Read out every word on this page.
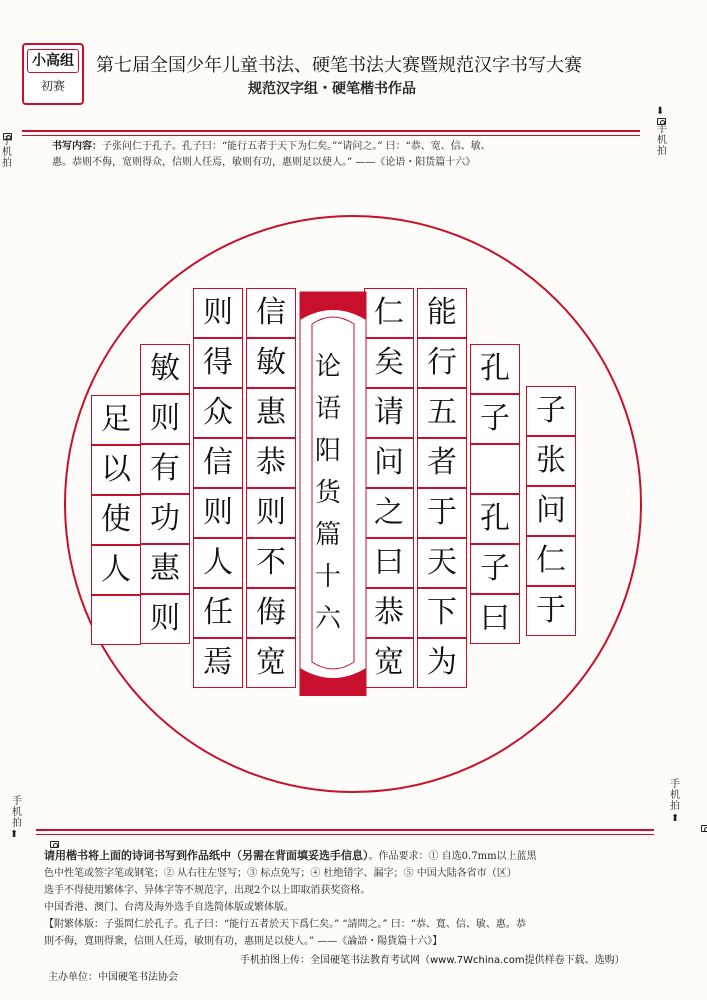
小高组
初赛
第七届全国少年儿童书法、硬笔书法大赛暨规范汉字书写大赛
规范汉字组・硬笔楷书作品

⬇
手机拍
手机拍
书写内容：子张问仁于孔子。孔子曰：“能行五者于天下为仁矣。”“请问之。” 曰：“恭、宽、信、敏、
惠。恭则不侮，宽则得众，信则人任焉，敏则有功，惠则足以使人。” ——《论语・阳货篇十六》
子
张
问
仁
于
孔
子
孔
子
曰
能
行
五
者
于
天
下
为
仁
矣
请
问
之
曰
恭
宽
信
敏
惠
恭
则
不
侮
宽
则
得
众
信
则
人
任
焉
敏
则
有
功
惠
则
足
以
使
人
论
语
阳
货
篇
十
六
手机拍

⬆
手机拍
⬆
请用楷书将上面的诗词书写到作品纸中（另需在背面填妥选手信息）。作品要求：① 自选0.7mm以上蓝黑
色中性笔或签字笔或钢笔；② 从右往左竖写；③ 标点免写；④ 杜绝错字、漏字；⑤ 中国大陆各省市（区）
选手不得使用繁体字、异体字等不规范字，出现2个以上即取消获奖资格。
中国香港、澳门、台湾及海外选手自选简体版或繁体版。
【附繁体版：子張問仁於孔子。孔子曰：“能行五者於天下爲仁矣。” “請問之。” 曰：“恭、寬、信、敏、惠。恭
則不侮，寬則得衆，信則人任焉，敏則有功，惠則足以使人。” ——《論語・陽貨篇十六》】
主办单位：中国硬笔书法协会
手机拍图上传：全国硬笔书法教育考试网（www.7Wchina.com提供样卷下载、选购）
